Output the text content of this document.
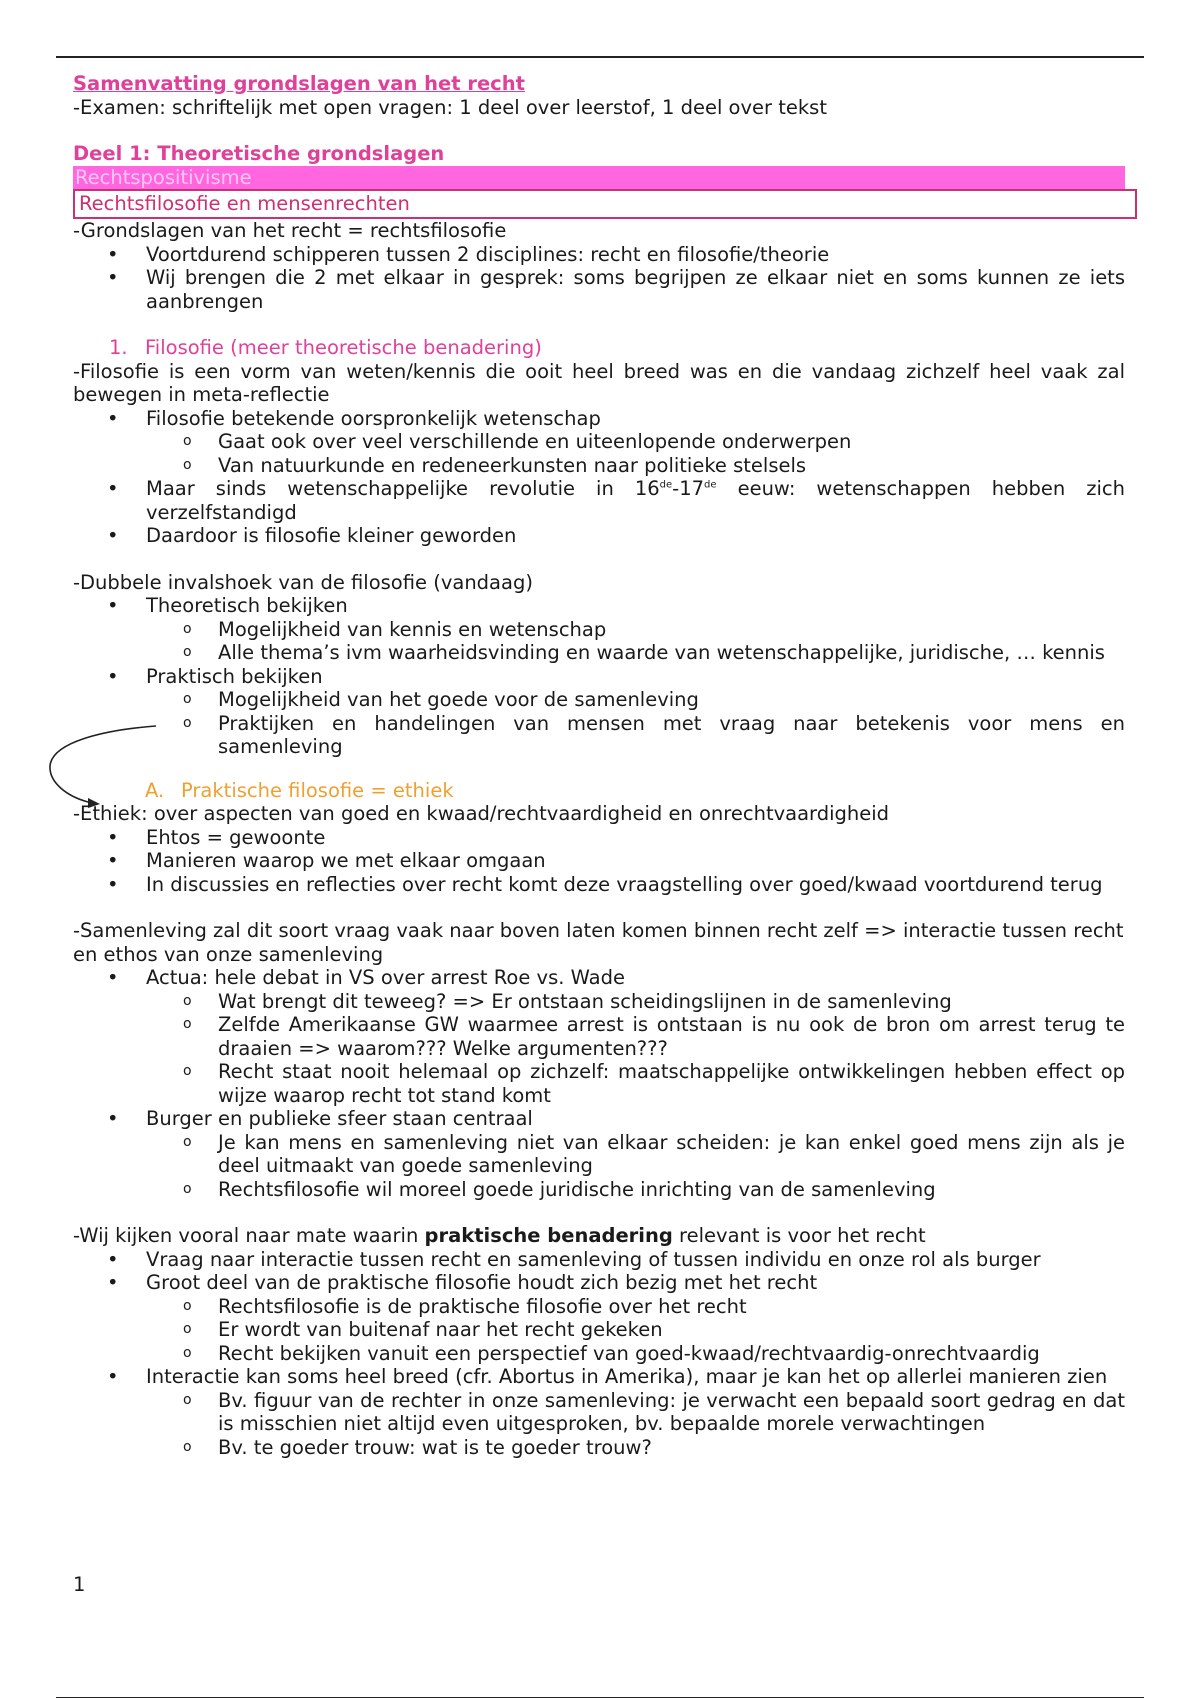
Samenvatting grondslagen van het recht

-Examen: schriftelijk met open vragen: 1 deel over leerstof, 1 deel over tekst

Deel 1: Theoretische grondslagen

Rechtspositivisme

Rechtsfilosofie en mensenrechten

-Grondslagen van het recht = rechtsfilosofie

• Voortdurend schipperen tussen 2 disciplines: recht en filosofie/theorie
• Wij brengen die 2 met elkaar in gesprek: soms begrijpen ze elkaar niet en soms kunnen ze iets aanbrengen

1. Filosofie (meer theoretische benadering)

-Filosofie is een vorm van weten/kennis die ooit heel breed was en die vandaag zichzelf heel vaak zal bewegen in meta-reflectie

• Filosofie betekende oorspronkelijk wetenschap
o Gaat ook over veel verschillende en uiteenlopende onderwerpen
o Van natuurkunde en redeneerkunsten naar politieke stelsels
• Maar sinds wetenschappelijke revolutie in 16de-17de eeuw: wetenschappen hebben zich verzelfstandigd
• Daardoor is filosofie kleiner geworden

-Dubbele invalshoek van de filosofie (vandaag)

• Theoretisch bekijken
o Mogelijkheid van kennis en wetenschap
o Alle thema’s ivm waarheidsvinding en waarde van wetenschappelijke, juridische, … kennis
• Praktisch bekijken
o Mogelijkheid van het goede voor de samenleving
o Praktijken en handelingen van mensen met vraag naar betekenis voor mens en samenleving

A. Praktische filosofie = ethiek

-Ethiek: over aspecten van goed en kwaad/rechtvaardigheid en onrechtvaardigheid

• Ehtos = gewoonte
• Manieren waarop we met elkaar omgaan
• In discussies en reflecties over recht komt deze vraagstelling over goed/kwaad voortdurend terug

-Samenleving zal dit soort vraag vaak naar boven laten komen binnen recht zelf => interactie tussen recht en ethos van onze samenleving

• Actua: hele debat in VS over arrest Roe vs. Wade
o Wat brengt dit teweeg? => Er ontstaan scheidingslijnen in de samenleving
o Zelfde Amerikaanse GW waarmee arrest is ontstaan is nu ook de bron om arrest terug te draaien => waarom??? Welke argumenten???
o Recht staat nooit helemaal op zichzelf: maatschappelijke ontwikkelingen hebben effect op wijze waarop recht tot stand komt
• Burger en publieke sfeer staan centraal
o Je kan mens en samenleving niet van elkaar scheiden: je kan enkel goed mens zijn als je deel uitmaakt van goede samenleving
o Rechtsfilosofie wil moreel goede juridische inrichting van de samenleving

-Wij kijken vooral naar mate waarin praktische benadering relevant is voor het recht

• Vraag naar interactie tussen recht en samenleving of tussen individu en onze rol als burger
• Groot deel van de praktische filosofie houdt zich bezig met het recht
o Rechtsfilosofie is de praktische filosofie over het recht
o Er wordt van buitenaf naar het recht gekeken
o Recht bekijken vanuit een perspectief van goed-kwaad/rechtvaardig-onrechtvaardig
• Interactie kan soms heel breed (cfr. Abortus in Amerika), maar je kan het op allerlei manieren zien
o Bv. figuur van de rechter in onze samenleving: je verwacht een bepaald soort gedrag en dat is misschien niet altijd even uitgesproken, bv. bepaalde morele verwachtingen
o Bv. te goeder trouw: wat is te goeder trouw?
1
